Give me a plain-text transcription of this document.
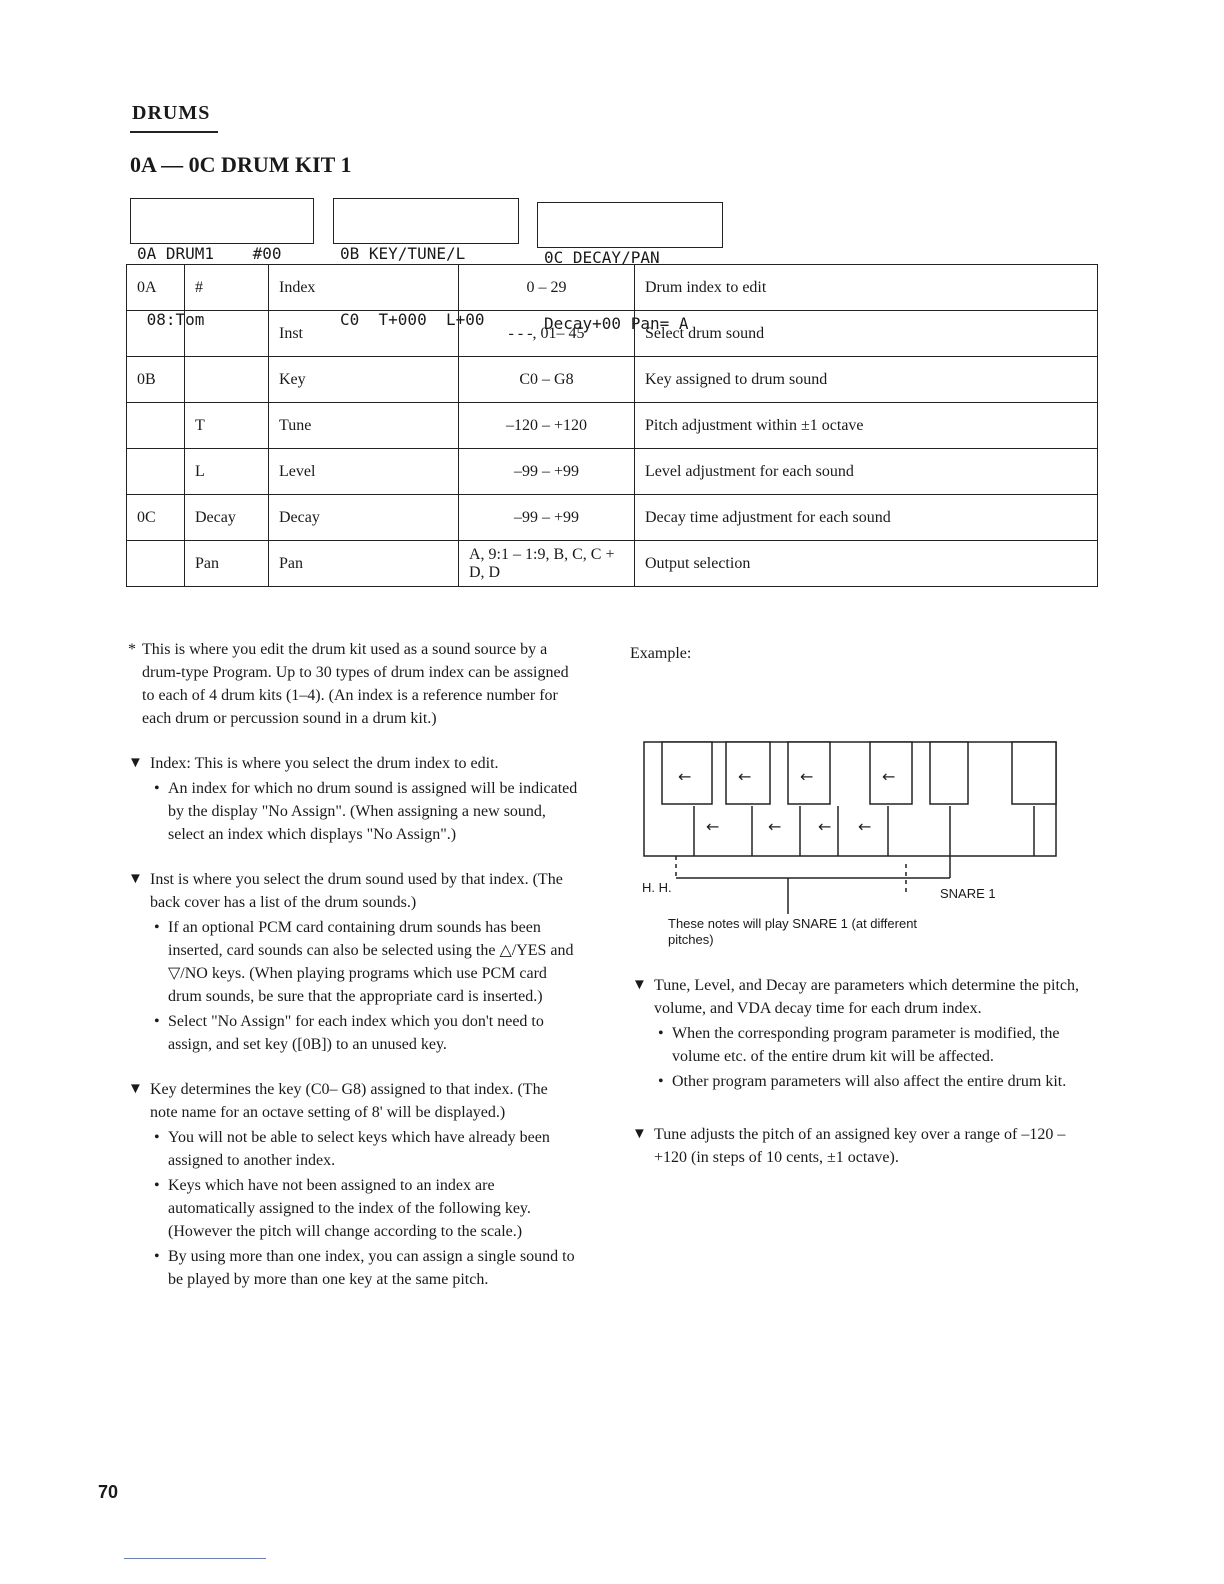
DRUMS
0A — 0C DRUM KIT 1

0A DRUM1    #00

08:Tom

0B KEY/TUNE/L

C0  T+000  L+00

0C DECAY/PAN

Decay+00 Pan= A

0A	#	Index	0 – 29	Drum index to edit
		Inst	- - -, 01– 45	Select drum sound
0B		Key	C0 – G8	Key assigned to drum sound
	T	Tune	–120 – +120	Pitch adjustment within ±1 octave
	L	Level	–99 – +99	Level adjustment for each sound
0C	Decay	Decay	–99 – +99	Decay time adjustment for each sound
	Pan	Pan	A, 9:1 – 1:9, B, C, C + D, D	Output selection
* This is where you edit the drum kit used as a sound source by a drum-type Program. Up to 30 types of drum index can be assigned to each of 4 drum kits (1–4). (An index is a reference number for each drum or percussion sound in a drum kit.)
▼ Index: This is where you select the drum index to edit.
• An index for which no drum sound is assigned will be indicated by the display "No Assign". (When assigning a new sound, select an index which displays "No Assign".)
▼ Inst is where you select the drum sound used by that index. (The back cover has a list of the drum sounds.)
• If an optional PCM card containing drum sounds has been inserted, card sounds can also be selected using the △/YES and ▽/NO keys. (When playing programs which use PCM card drum sounds, be sure that the appropriate card is inserted.)
• Select "No Assign" for each index which you don't need to assign, and set key ([0B]) to an unused key.
▼ Key determines the key (C0– G8) assigned to that index. (The note name for an octave setting of 8' will be displayed.)
• You will not be able to select keys which have already been assigned to another index.
• Keys which have not been assigned to an index are automatically assigned to the index of the following key. (However the pitch will change according to the scale.)
• By using more than one index, you can assign a single sound to be played by more than one key at the same pitch.
Example:
←	←	←	←
←	← ← ←
H. H.	SNARE 1
These notes will play SNARE 1 (at different pitches)
▼ Tune, Level, and Decay are parameters which determine the pitch, volume, and VDA decay time for each drum index.
• When the corresponding program parameter is modified, the volume etc. of the entire drum kit will be affected.
• Other program parameters will also affect the entire drum kit.
▼ Tune adjusts the pitch of an assigned key over a range of –120 – +120 (in steps of 10 cents, ±1 octave).
70
